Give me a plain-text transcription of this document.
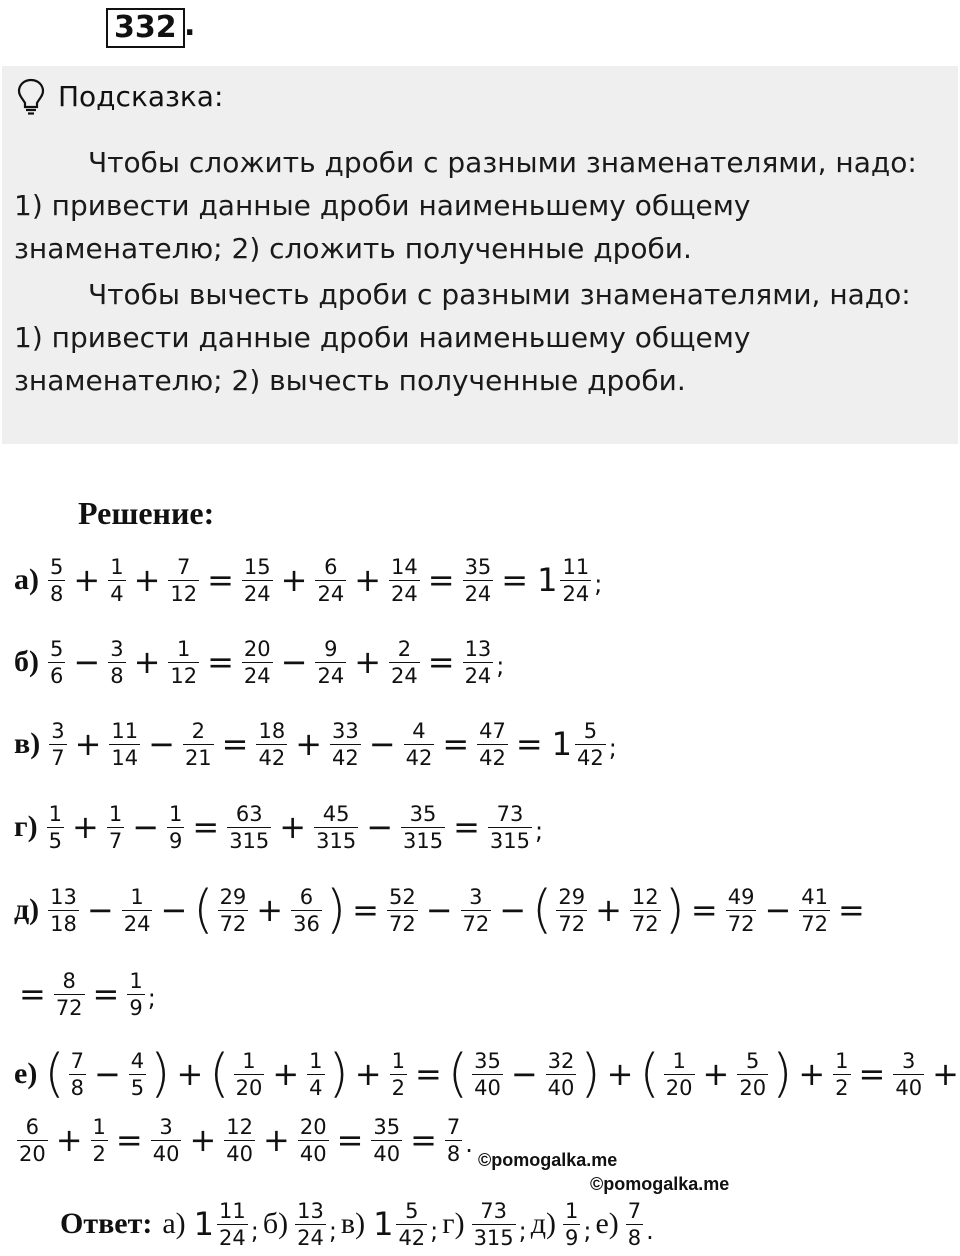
332 .
Подсказка:
Чтобы сложить дроби с разными знаменателями, надо:
1) привести данные дроби наименьшему общему
знаменателю; 2) сложить полученные дроби.
Чтобы вычесть дроби с разными знаменателями, надо:
1) привести данные дроби наименьшему общему
знаменателю; 2) вычесть полученные дроби.
Решение:
$а) \frac{5}{8} + \frac{1}{4} + \frac{7}{12} = \frac{15}{24} + \frac{6}{24} + \frac{14}{24} = \frac{35}{24} = 1 \frac{11}{24}$ ;
$б) \frac{5}{6} - \frac{3}{8} + \frac{1}{12} = \frac{20}{24} - \frac{9}{24} + \frac{2}{24} = \frac{13}{24}$ ;
$в) \frac{3}{7} + \frac{11}{14} - \frac{2}{21} = \frac{18}{42} + \frac{33}{42} - \frac{4}{42} = \frac{47}{42} = 1 \frac{5}{42}$ ;
$г) \frac{1}{5} + \frac{1}{7} - \frac{1}{9} = \frac{63}{315} + \frac{45}{315} - \frac{35}{315} = \frac{73}{315}$ ;
$д) \frac{13}{18} - \frac{1}{24}$ − ( $\frac{29}{72} + \frac{6}{36}$ ) = $\frac{52}{72} - \frac{3}{72}$ − ( $\frac{29}{72} + \frac{12}{72}$ ) = $\frac{49}{72} - \frac{41}{72}$ =
= $\frac{8}{72} = \frac{1}{9}$ ;
е) ( $\frac{7}{8} - \frac{4}{5}$ ) + ( $\frac{1}{20} + \frac{1}{4}$ ) + $\frac{1}{2}$ = ( $\frac{35}{40} - \frac{32}{40}$ ) + ( $\frac{1}{20} + \frac{5}{20}$ ) + $\frac{1}{2} = \frac{3}{40}$ +
$\frac{6}{20} + \frac{1}{2} = \frac{3}{40} + \frac{12}{40} + \frac{20}{40} = \frac{35}{40} = \frac{7}{8}$ .
©pomogalka.me
©pomogalka.me
Ответ: а) $1 \frac{11}{24}$ ; $б) \frac{13}{24}$ ; в) $1 \frac{5}{42}$ ; $г) \frac{73}{315}$ ; $д) \frac{1}{9}$ ; $е) \frac{7}{8}$ .
